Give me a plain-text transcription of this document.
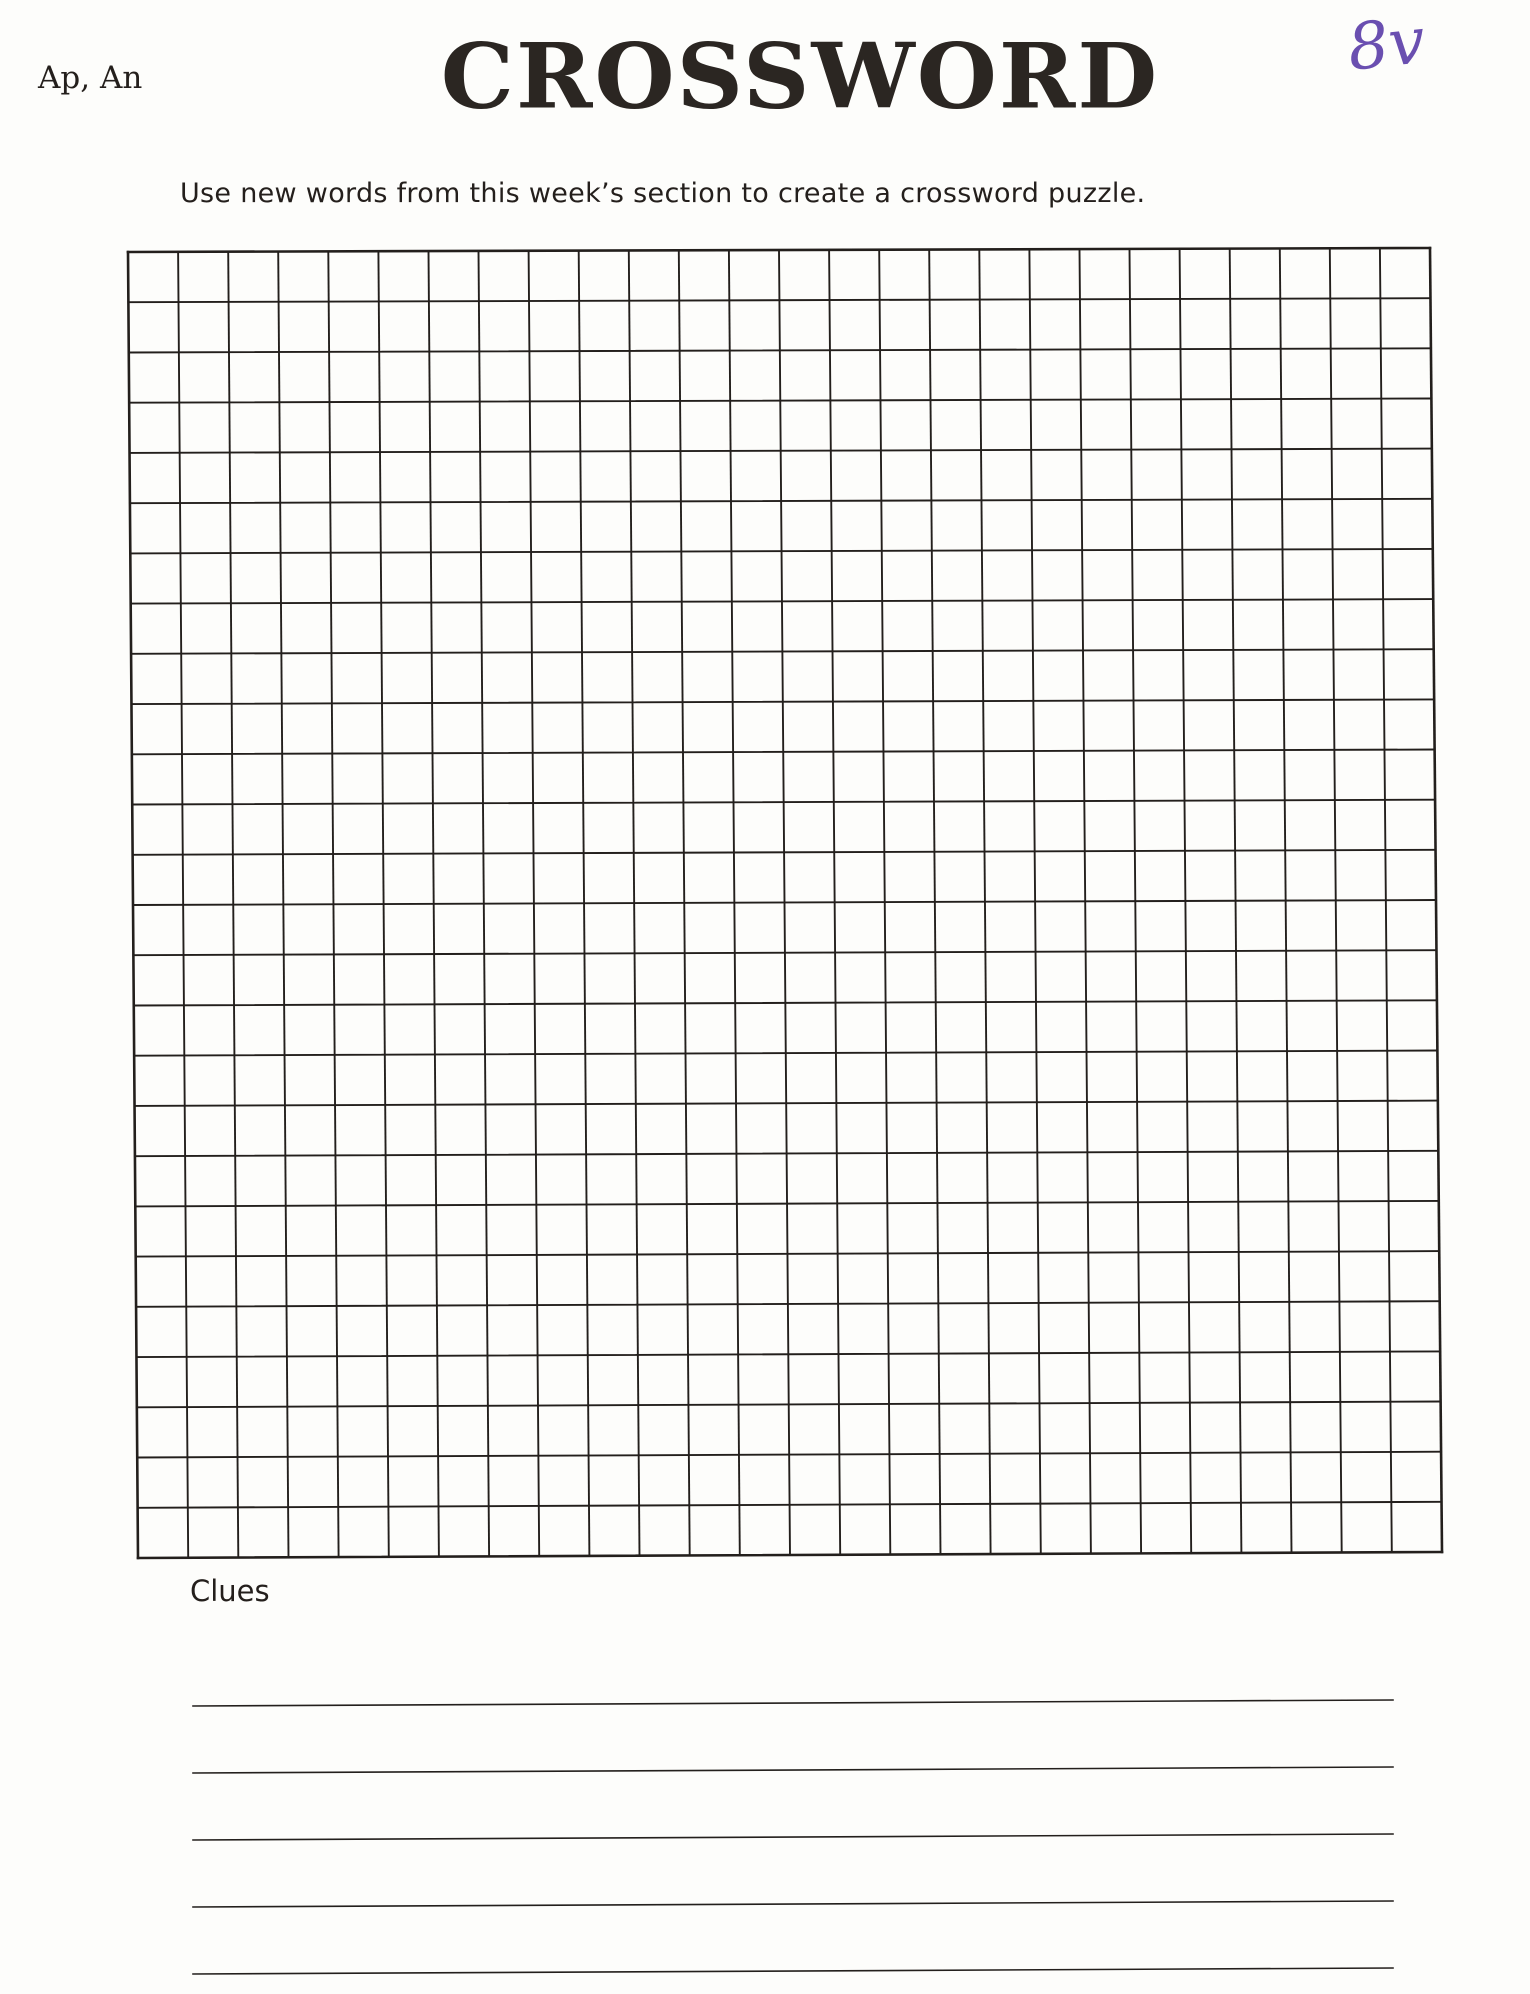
Ap, An	CROSSWORD	8v
Use new words from this week’s section to create a crossword puzzle.
Clues
